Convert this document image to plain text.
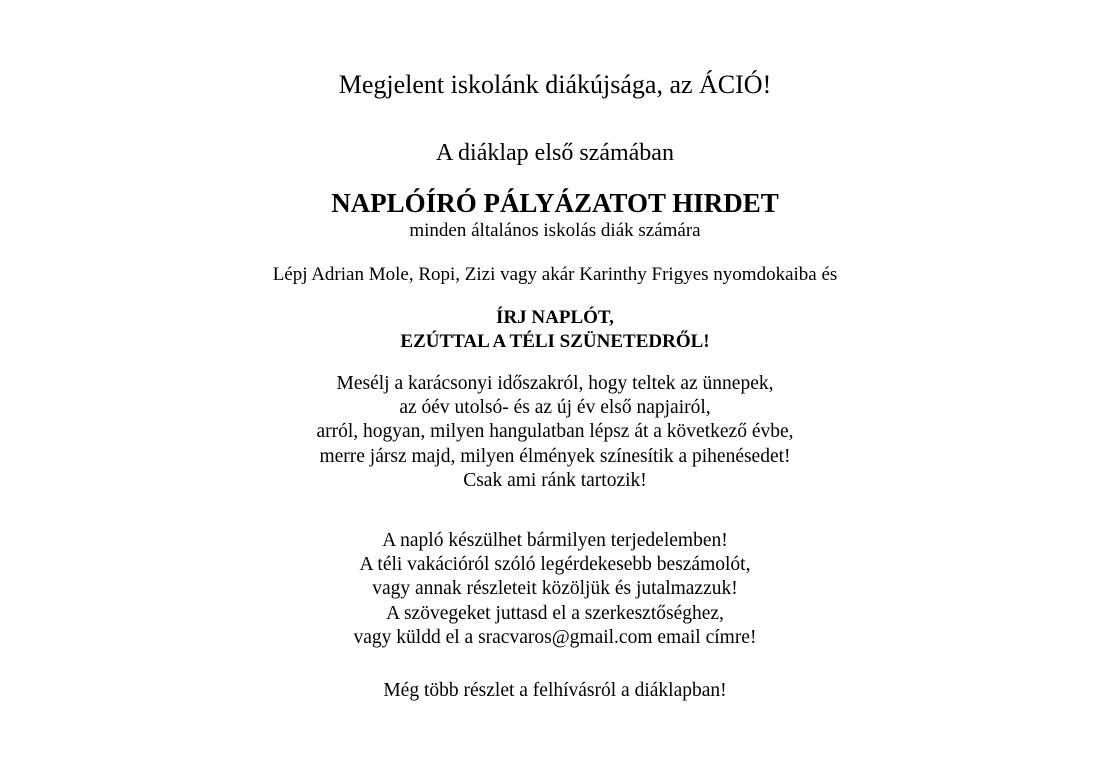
Megjelent iskolánk diákújsága, az ÁCIÓ!
A diáklap első számában
NAPLÓÍRÓ PÁLYÁZATOT HIRDET
minden általános iskolás diák számára
Lépj Adrian Mole, Ropi, Zizi vagy akár Karinthy Frigyes nyomdokaiba és
ÍRJ NAPLÓT,
EZÚTTAL A TÉLI SZÜNETEDRŐL!
Mesélj a karácsonyi időszakról, hogy teltek az ünnepek,
az óév utolsó- és az új év első napjairól,
arról, hogyan, milyen hangulatban lépsz át a következő évbe,
merre jársz majd, milyen élmények színesítik a pihenésedet!
Csak ami ránk tartozik!
A napló készülhet bármilyen terjedelemben!
A téli vakációról szóló legérdekesebb beszámolót,
vagy annak részleteit közöljük és jutalmazzuk!
A szövegeket juttasd el a szerkesztőséghez,
vagy küldd el a sracvaros@gmail.com email címre!
Még több részlet a felhívásról a diáklapban!
